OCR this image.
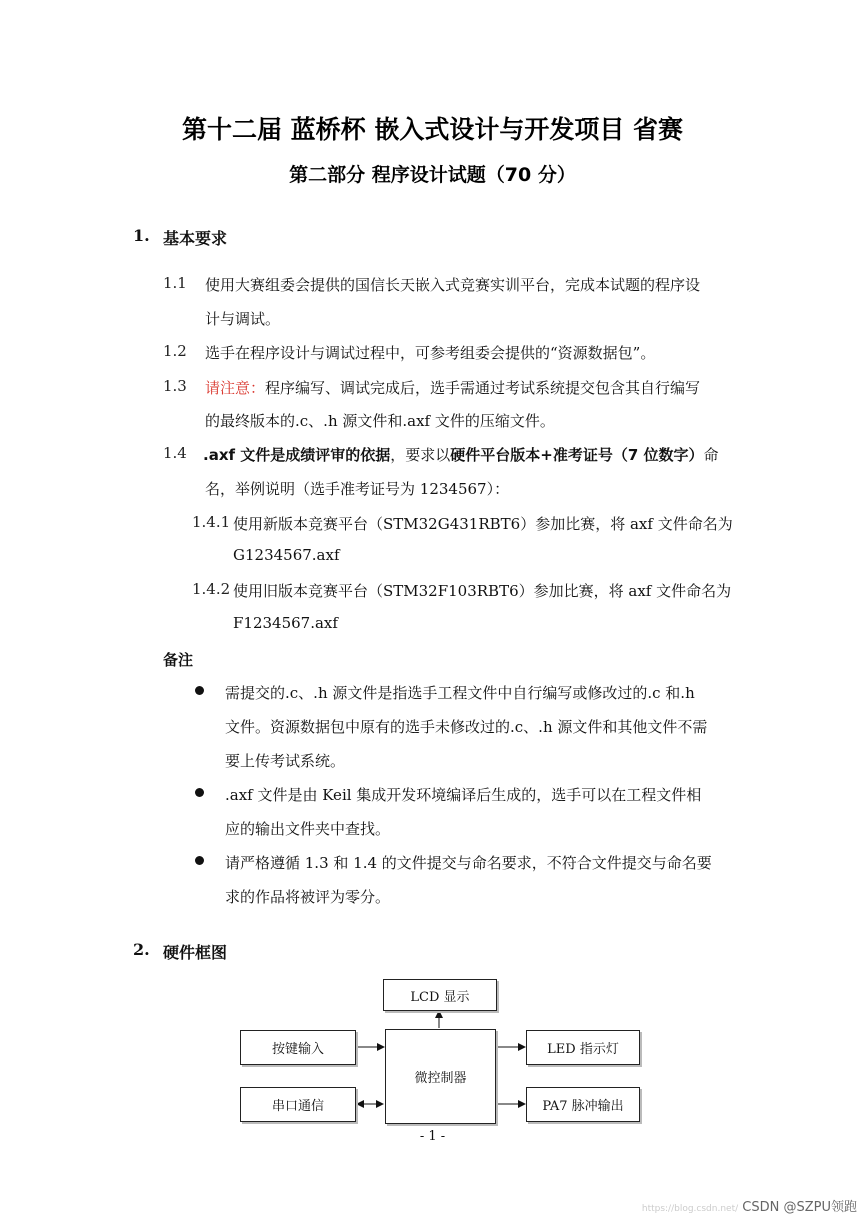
第十二届 蓝桥杯 嵌入式设计与开发项目 省赛
第二部分 程序设计试题（70 分）
1. 基本要求
1.1 使用大赛组委会提供的国信长天嵌入式竞赛实训平台，完成本试题的程序设
计与调试。
1.2 选手在程序设计与调试过程中，可参考组委会提供的“资源数据包”。
1.3 请注意：程序编写、调试完成后，选手需通过考试系统提交包含其自行编写
的最终版本的.c、.h 源文件和.axf 文件的压缩文件。
1.4 .axf 文件是成绩评审的依据，要求以硬件平台版本+准考证号（7 位数字）命
名，举例说明（选手准考证号为 1234567）：
1.4.1 使用新版本竞赛平台（STM32G431RBT6）参加比赛，将 axf 文件命名为
G1234567.axf
1.4.2 使用旧版本竞赛平台（STM32F103RBT6）参加比赛，将 axf 文件命名为
F1234567.axf
备注
需提交的.c、.h 源文件是指选手工程文件中自行编写或修改过的.c 和.h
文件。资源数据包中原有的选手未修改过的.c、.h 源文件和其他文件不需
要上传考试系统。
.axf 文件是由 Keil 集成开发环境编译后生成的，选手可以在工程文件相
应的输出文件夹中查找。
请严格遵循 1.3 和 1.4 的文件提交与命名要求，不符合文件提交与命名要
求的作品将被评为零分。
2. 硬件框图
LCD 显示
按键输入
微控制器
LED 指示灯
串口通信	PA7 脉冲输出
- 1 -
https://blog.csdn.net/ CSDN @SZPU领跑
